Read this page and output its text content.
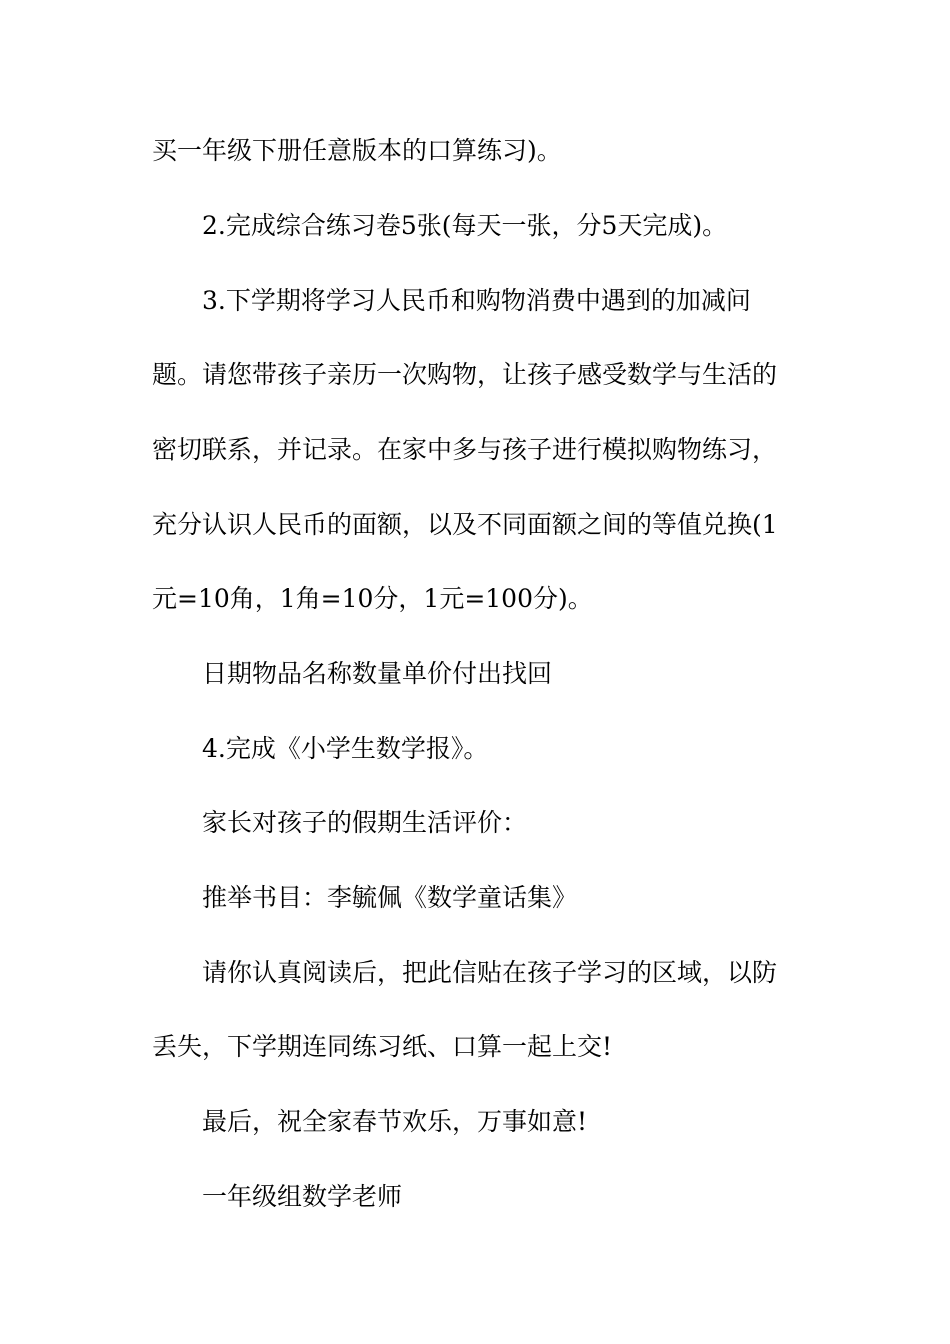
买一年级下册任意版本的口算练习)。
2.完成综合练习卷5张(每天一张，分5天完成)。
3.下学期将学习人民币和购物消费中遇到的加减问
题。请您带孩子亲历一次购物，让孩子感受数学与生活的
密切联系，并记录。在家中多与孩子进行模拟购物练习，
充分认识人民币的面额，以及不同面额之间的等值兑换(1
元=10角，1角=10分，1元=100分)。
日期物品名称数量单价付出找回
4.完成《小学生数学报》。
家长对孩子的假期生活评价：
推举书目：李毓佩《数学童话集》
请你认真阅读后，把此信贴在孩子学习的区域，以防
丢失，下学期连同练习纸、口算一起上交!
最后，祝全家春节欢乐，万事如意!
一年级组数学老师
